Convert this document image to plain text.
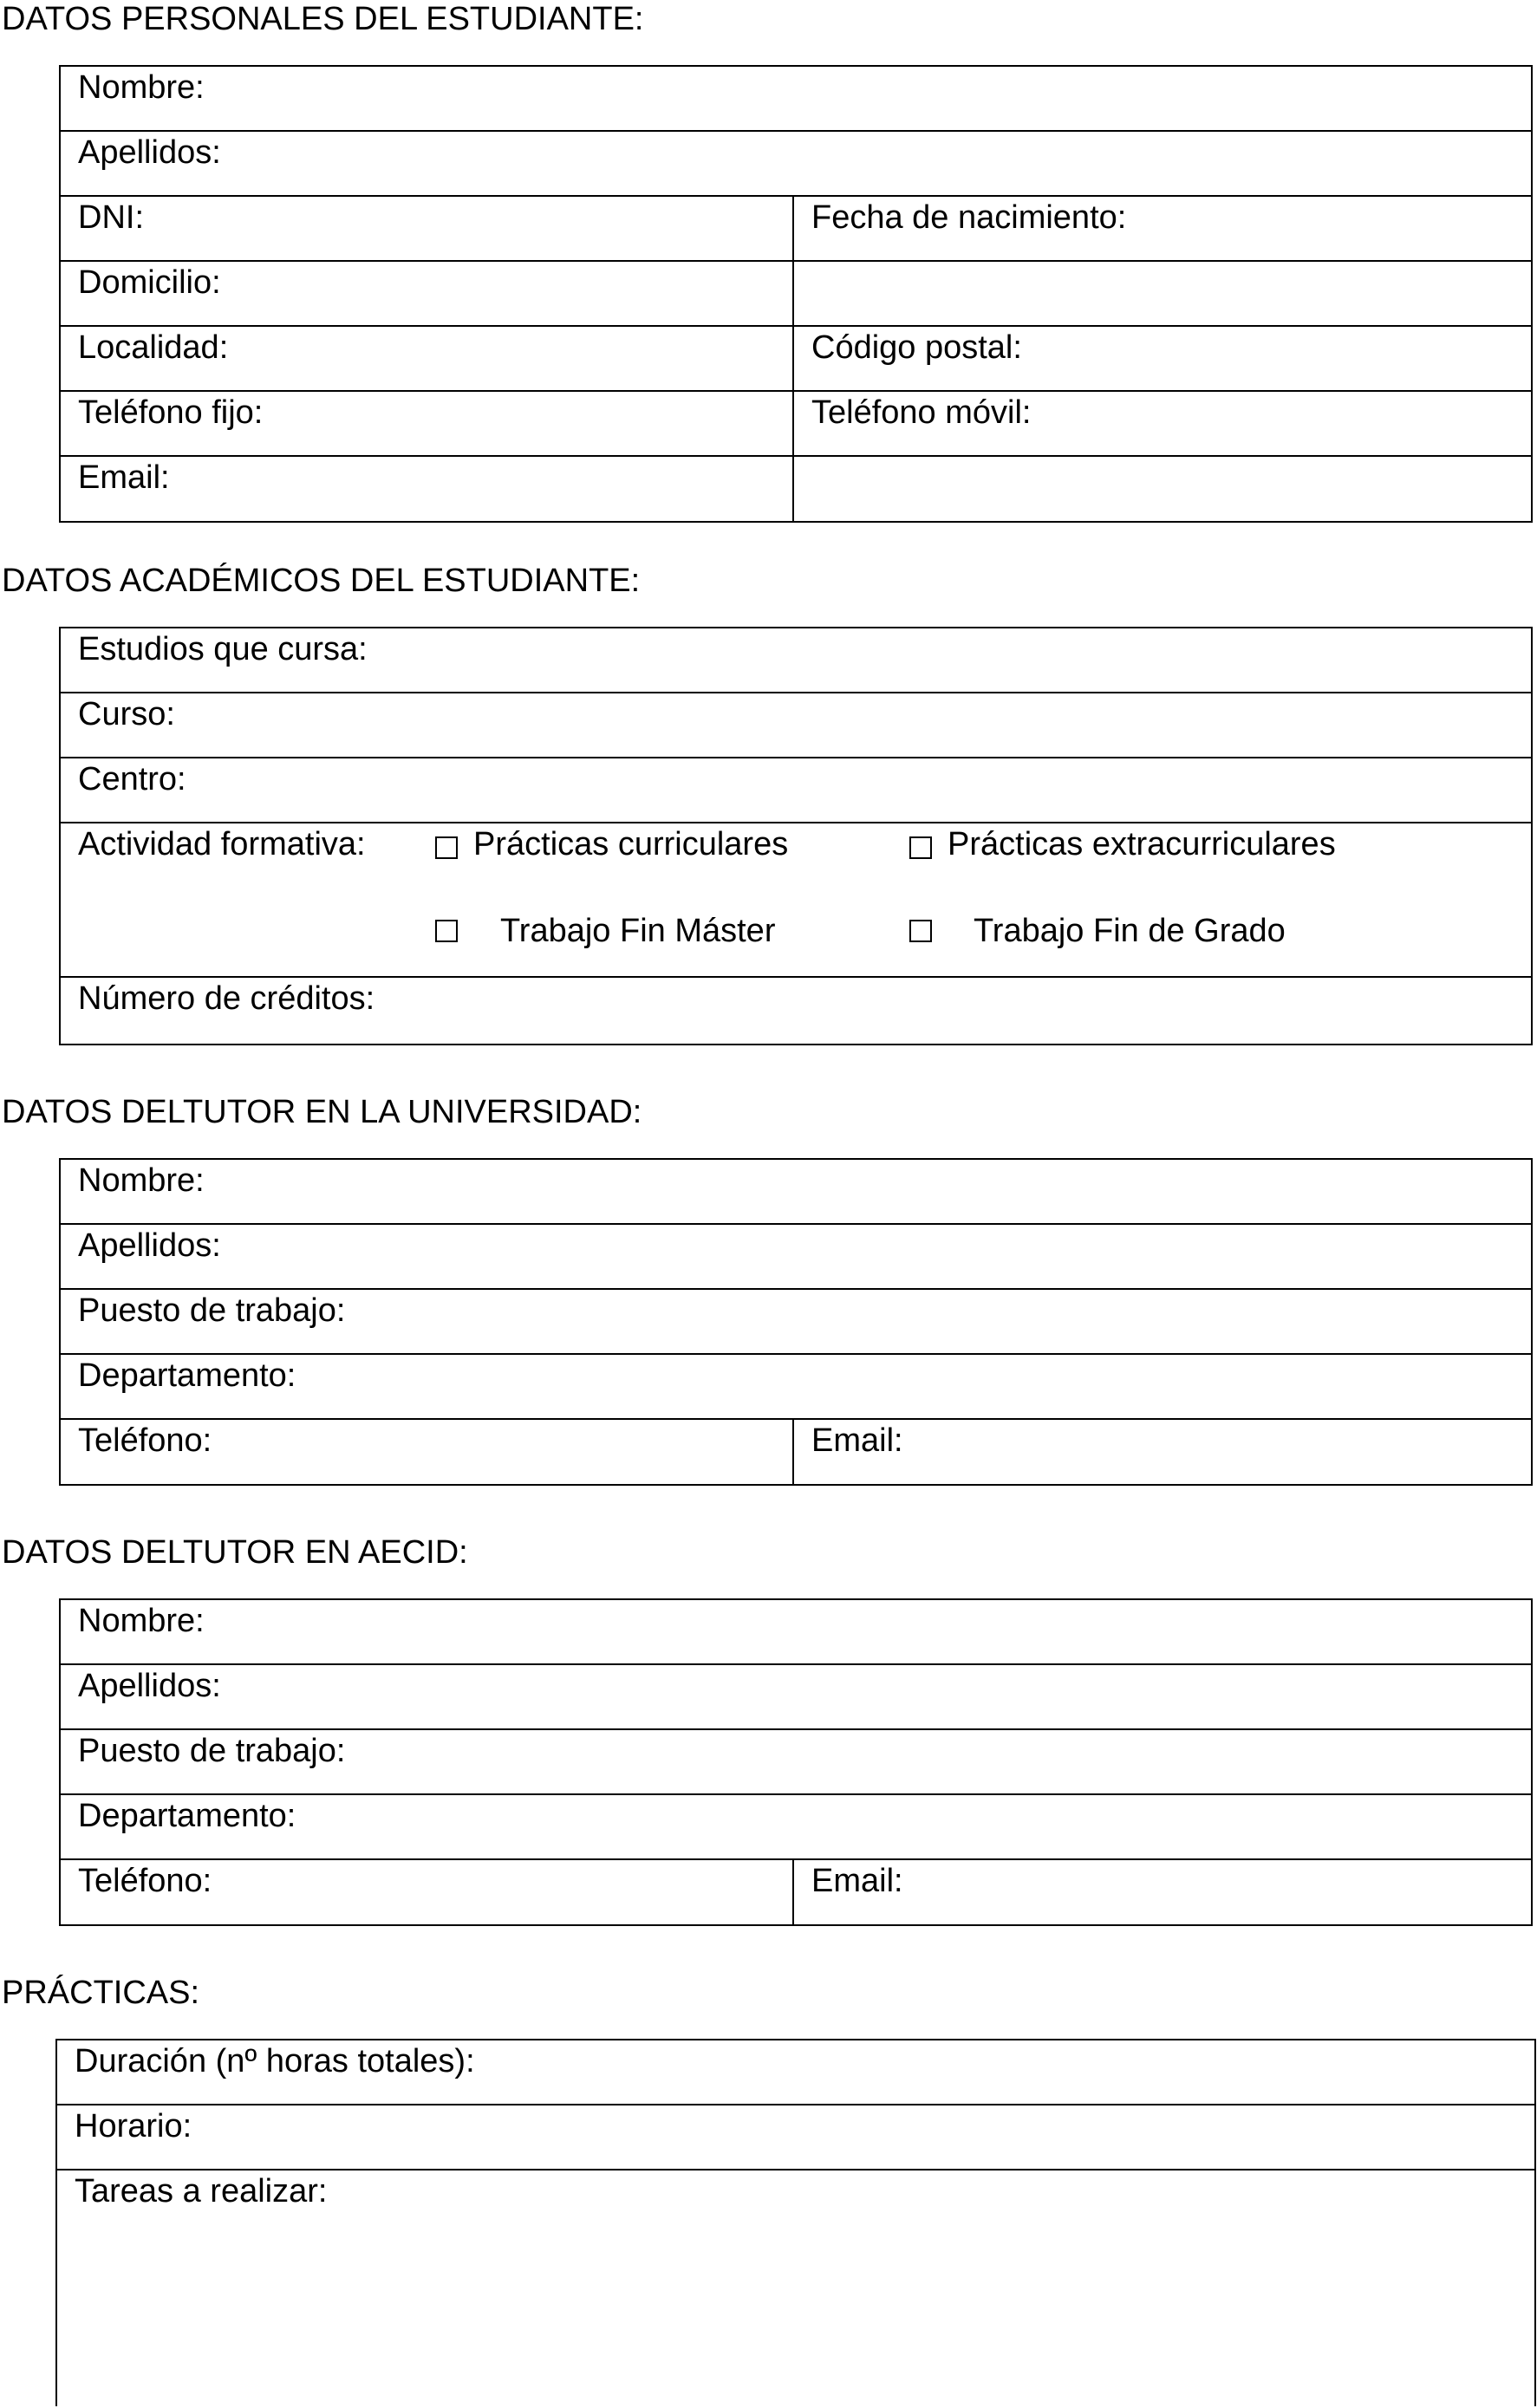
DATOS PERSONALES DEL ESTUDIANTE:
Nombre:
Apellidos:
DNI:	Fecha de nacimiento:
Domicilio:
Localidad:	Código postal:
Teléfono fijo:	Teléfono móvil:
Email:
DATOS ACADÉMICOS DEL ESTUDIANTE:
Estudios que cursa:
Curso:
Centro:
Actividad formativa:	Prácticas curriculares	Prácticas extracurriculares
Trabajo Fin Máster	Trabajo Fin de Grado
Número de créditos:
DATOS DELTUTOR EN LA UNIVERSIDAD:
Nombre:
Apellidos:
Puesto de trabajo:
Departamento:
Teléfono:	Email:
DATOS DELTUTOR EN AECID:
Nombre:
Apellidos:
Puesto de trabajo:
Departamento:
Teléfono:	Email:
PRÁCTICAS:
Duración (nº horas totales):
Horario:
Tareas a realizar:
